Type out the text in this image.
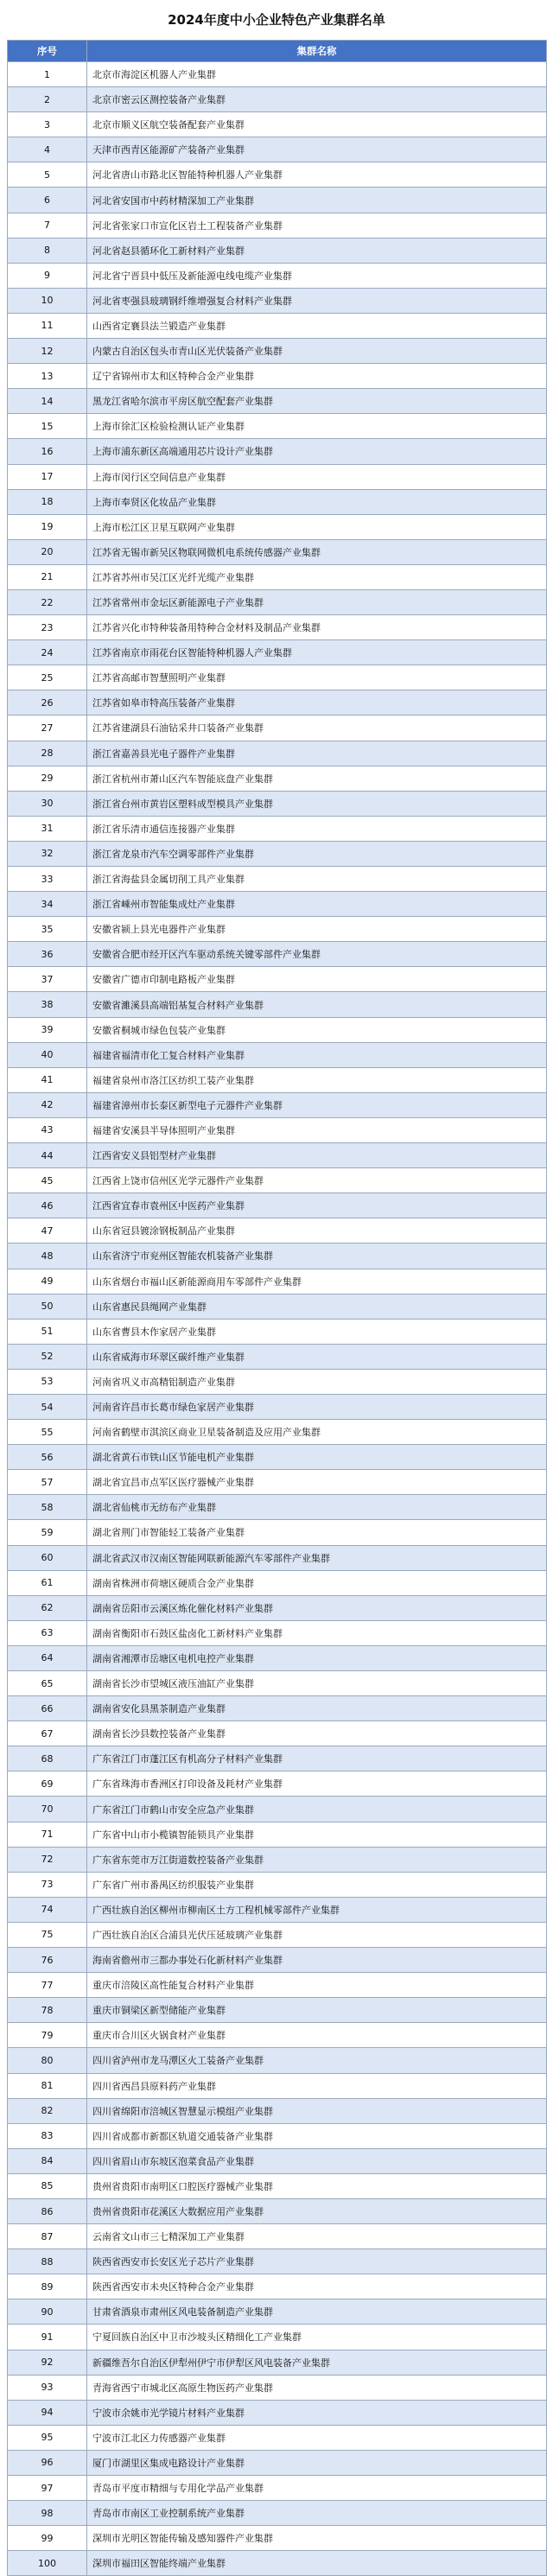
2024年度中小企业特色产业集群名单
序号	集群名称
1	北京市海淀区机器人产业集群
2	北京市密云区测控装备产业集群
3	北京市顺义区航空装备配套产业集群
4	天津市西青区能源矿产装备产业集群
5	河北省唐山市路北区智能特种机器人产业集群
6	河北省安国市中药材精深加工产业集群
7	河北省张家口市宣化区岩土工程装备产业集群
8	河北省赵县循环化工新材料产业集群
9	河北省宁晋县中低压及新能源电线电缆产业集群
10	河北省枣强县玻璃钢纤维增强复合材料产业集群
11	山西省定襄县法兰锻造产业集群
12	内蒙古自治区包头市青山区光伏装备产业集群
13	辽宁省锦州市太和区特种合金产业集群
14	黑龙江省哈尔滨市平房区航空配套产业集群
15	上海市徐汇区检验检测认证产业集群
16	上海市浦东新区高端通用芯片设计产业集群
17	上海市闵行区空间信息产业集群
18	上海市奉贤区化妆品产业集群
19	上海市松江区卫星互联网产业集群
20	江苏省无锡市新吴区物联网微机电系统传感器产业集群
21	江苏省苏州市吴江区光纤光缆产业集群
22	江苏省常州市金坛区新能源电子产业集群
23	江苏省兴化市特种装备用特种合金材料及制品产业集群
24	江苏省南京市雨花台区智能特种机器人产业集群
25	江苏省高邮市智慧照明产业集群
26	江苏省如皋市特高压装备产业集群
27	江苏省建湖县石油钻采井口装备产业集群
28	浙江省嘉善县光电子器件产业集群
29	浙江省杭州市萧山区汽车智能底盘产业集群
30	浙江省台州市黄岩区塑料成型模具产业集群
31	浙江省乐清市通信连接器产业集群
32	浙江省龙泉市汽车空调零部件产业集群
33	浙江省海盐县金属切削工具产业集群
34	浙江省嵊州市智能集成灶产业集群
35	安徽省颍上县光电器件产业集群
36	安徽省合肥市经开区汽车驱动系统关键零部件产业集群
37	安徽省广德市印制电路板产业集群
38	安徽省濉溪县高端铝基复合材料产业集群
39	安徽省桐城市绿色包装产业集群
40	福建省福清市化工复合材料产业集群
41	福建省泉州市洛江区纺织工装产业集群
42	福建省漳州市长泰区新型电子元器件产业集群
43	福建省安溪县半导体照明产业集群
44	江西省安义县铝型材产业集群
45	江西省上饶市信州区光学元器件产业集群
46	江西省宜春市袁州区中医药产业集群
47	山东省冠县镀涂钢板制品产业集群
48	山东省济宁市兖州区智能农机装备产业集群
49	山东省烟台市福山区新能源商用车零部件产业集群
50	山东省惠民县绳网产业集群
51	山东省曹县木作家居产业集群
52	山东省威海市环翠区碳纤维产业集群
53	河南省巩义市高精铝制造产业集群
54	河南省许昌市长葛市绿色家居产业集群
55	河南省鹤壁市淇滨区商业卫星装备制造及应用产业集群
56	湖北省黄石市铁山区节能电机产业集群
57	湖北省宜昌市点军区医疗器械产业集群
58	湖北省仙桃市无纺布产业集群
59	湖北省荆门市智能轻工装备产业集群
60	湖北省武汉市汉南区智能网联新能源汽车零部件产业集群
61	湖南省株洲市荷塘区硬质合金产业集群
62	湖南省岳阳市云溪区炼化催化材料产业集群
63	湖南省衡阳市石鼓区盐卤化工新材料产业集群
64	湖南省湘潭市岳塘区电机电控产业集群
65	湖南省长沙市望城区液压油缸产业集群
66	湖南省安化县黑茶制造产业集群
67	湖南省长沙县数控装备产业集群
68	广东省江门市蓬江区有机高分子材料产业集群
69	广东省珠海市香洲区打印设备及耗材产业集群
70	广东省江门市鹤山市安全应急产业集群
71	广东省中山市小榄镇智能锁具产业集群
72	广东省东莞市万江街道数控装备产业集群
73	广东省广州市番禺区纺织服装产业集群
74	广西壮族自治区柳州市柳南区土方工程机械零部件产业集群
75	广西壮族自治区合浦县光伏压延玻璃产业集群
76	海南省儋州市三都办事处石化新材料产业集群
77	重庆市涪陵区高性能复合材料产业集群
78	重庆市铜梁区新型储能产业集群
79	重庆市合川区火锅食材产业集群
80	四川省泸州市龙马潭区火工装备产业集群
81	四川省西昌县原料药产业集群
82	四川省绵阳市涪城区智慧显示模组产业集群
83	四川省成都市新都区轨道交通装备产业集群
84	四川省眉山市东坡区泡菜食品产业集群
85	贵州省贵阳市南明区口腔医疗器械产业集群
86	贵州省贵阳市花溪区大数据应用产业集群
87	云南省文山市三七精深加工产业集群
88	陕西省西安市长安区光子芯片产业集群
89	陕西省西安市未央区特种合金产业集群
90	甘肃省酒泉市肃州区风电装备制造产业集群
91	宁夏回族自治区中卫市沙坡头区精细化工产业集群
92	新疆维吾尔自治区伊犁州伊宁市伊犁区风电装备产业集群
93	青海省西宁市城北区高原生物医药产业集群
94	宁波市余姚市光学镜片材料产业集群
95	宁波市江北区力传感器产业集群
96	厦门市湖里区集成电路设计产业集群
97	青岛市平度市精细与专用化学品产业集群
98	青岛市市南区工业控制系统产业集群
99	深圳市光明区智能传输及感知器件产业集群
100	深圳市福田区智能终端产业集群
